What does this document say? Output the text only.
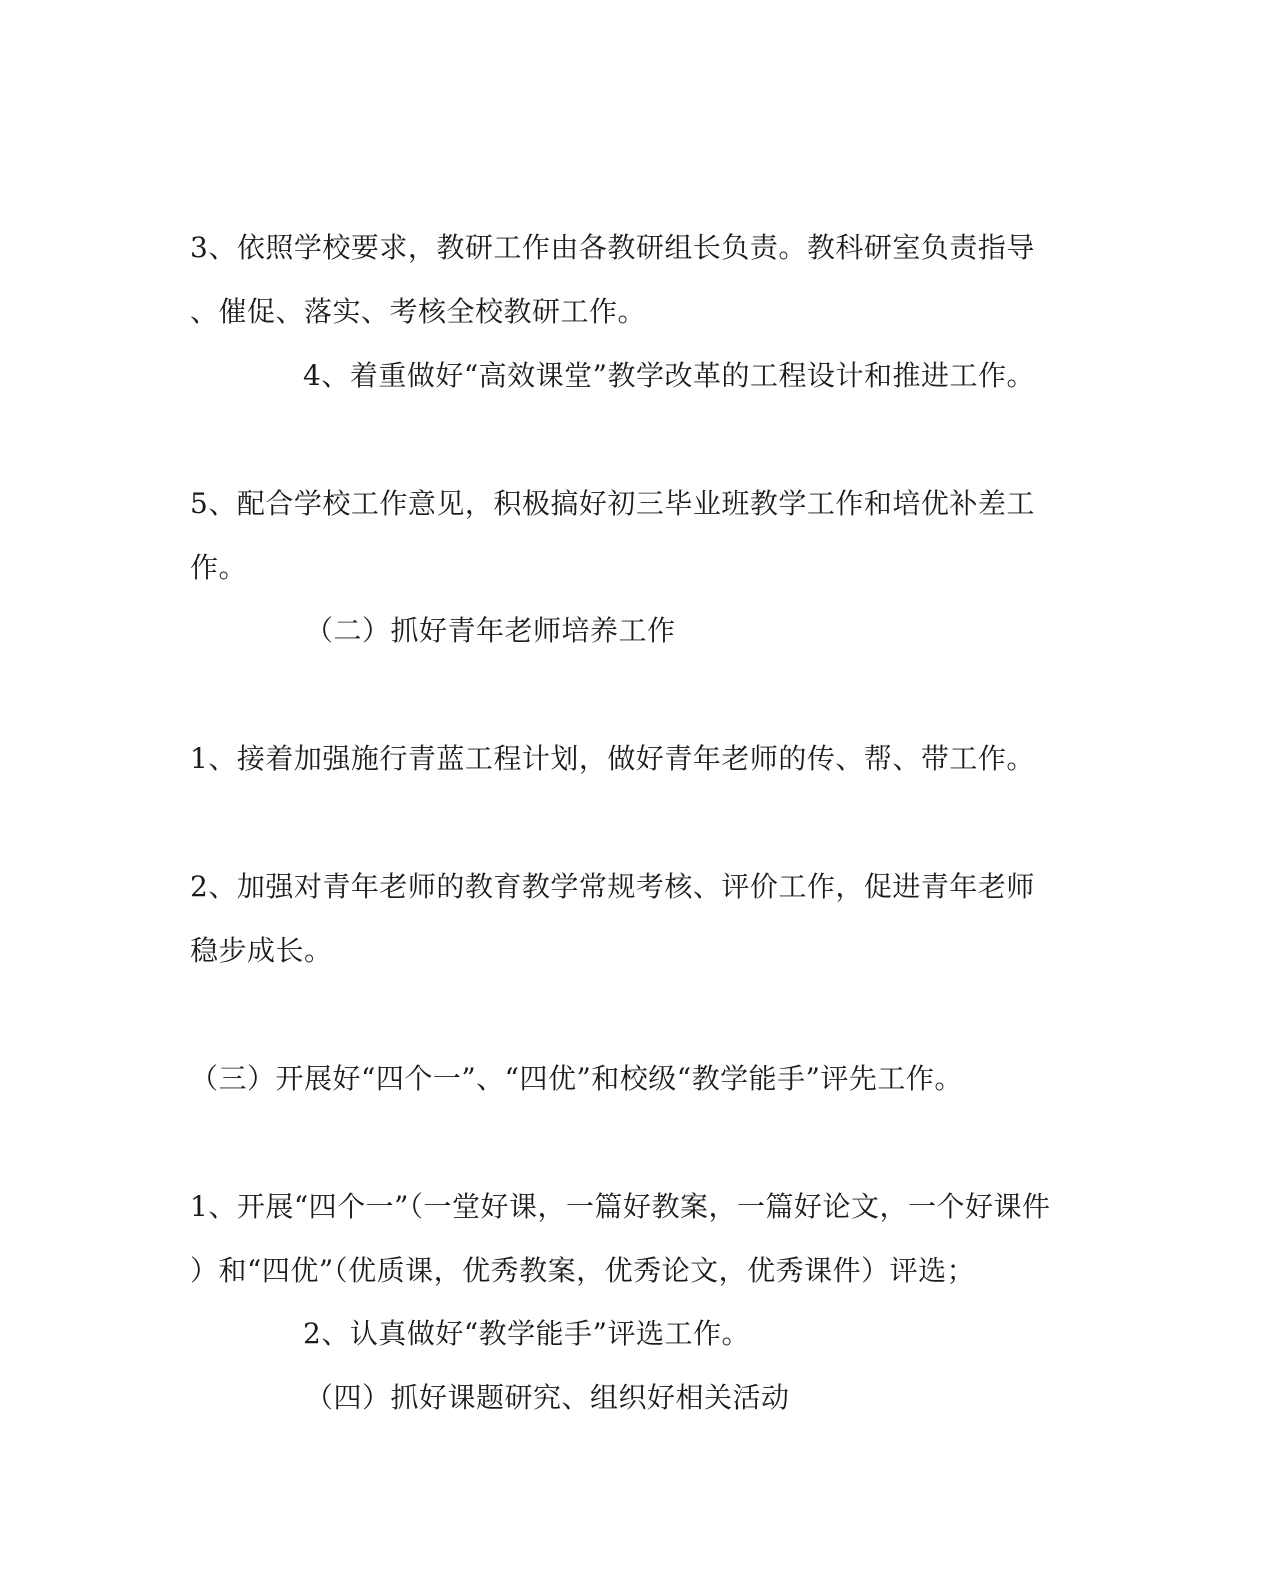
3、依照学校要求，教研工作由各教研组长负责。教科研室负责指导
、催促、落实、考核全校教研工作。
4、着重做好“高效课堂”教学改革的工程设计和推进工作。
5、配合学校工作意见，积极搞好初三毕业班教学工作和培优补差工
作。
（二）抓好青年老师培养工作
1、接着加强施行青蓝工程计划，做好青年老师的传、帮、带工作。
2、加强对青年老师的教育教学常规考核、评价工作，促进青年老师
稳步成长。
（三）开展好“四个一”、“四优”和校级“教学能手”评先工作。
1、开展“四个一”（一堂好课，一篇好教案，一篇好论文，一个好课件
）和“四优”（优质课，优秀教案，优秀论文，优秀课件）评选；
2、认真做好“教学能手”评选工作。
（四）抓好课题研究、组织好相关活动
